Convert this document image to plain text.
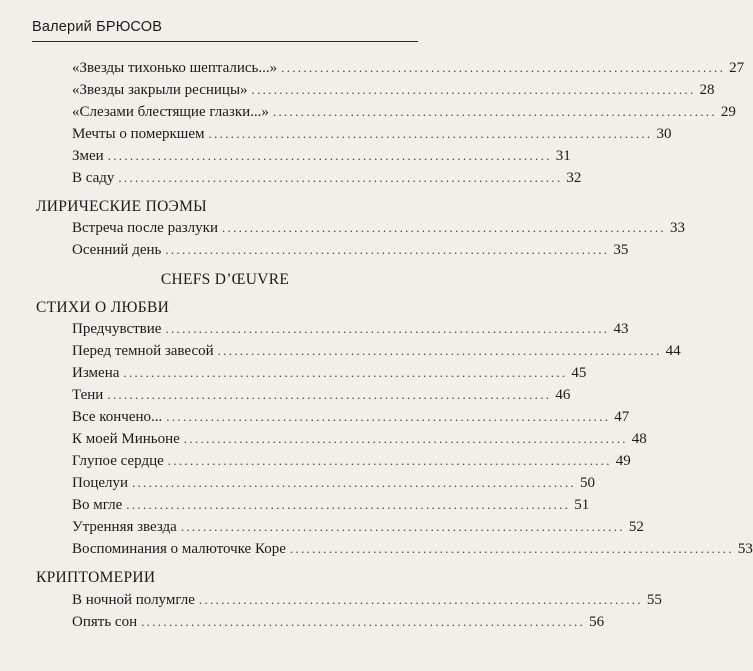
Валерий БРЮСОВ
«Звезды тихонько шептались...» ................................................................................ 27
«Звезды закрыли ресницы» ................................................................................ 28
«Слезами блестящие глазки...» ................................................................................ 29
Мечты о померкшем ................................................................................ 30
Змеи ................................................................................ 31
В саду ................................................................................ 32
ЛИРИЧЕСКИЕ ПОЭМЫ
Встреча после разлуки ................................................................................ 33
Осенний день ................................................................................ 35
CHEFS D’ŒUVRE
СТИХИ О ЛЮБВИ
Предчувствие ................................................................................ 43
Перед темной завесой ................................................................................ 44
Измена ................................................................................ 45
Тени ................................................................................ 46
Все кончено... ................................................................................ 47
К моей Миньоне ................................................................................ 48
Глупое сердце ................................................................................ 49
Поцелуи ................................................................................ 50
Во мгле ................................................................................ 51
Утренняя звезда ................................................................................ 52
Воспоминания о малюточке Коре ................................................................................ 53
КРИПТОМЕРИИ
В ночной полумгле ................................................................................ 55
Опять сон ................................................................................ 56
